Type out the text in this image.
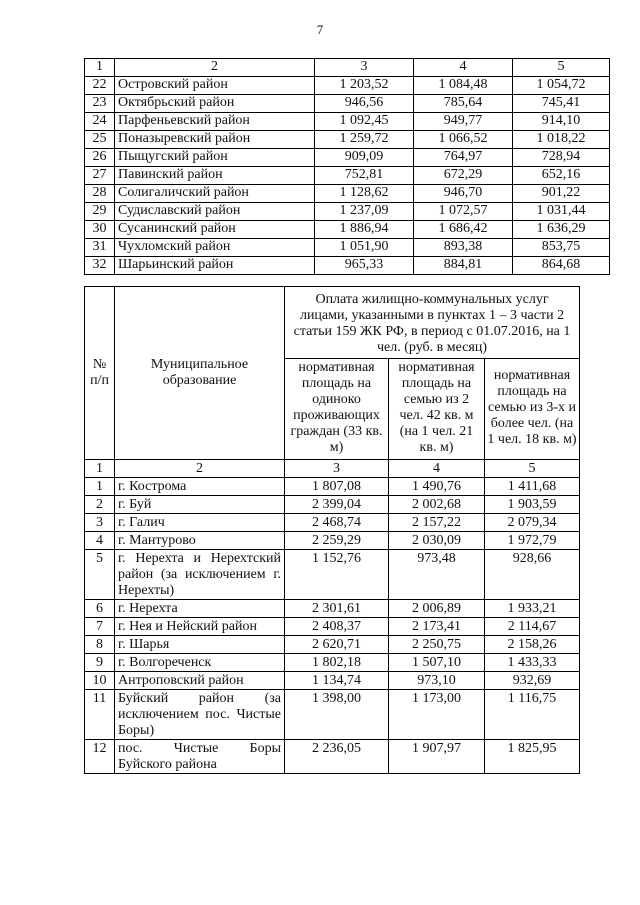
7
1	2	3	4	5
22	Островский район	1 203,52	1 084,48	1 054,72
23	Октябрьский район	946,56	785,64	745,41
24	Парфеньевский район	1 092,45	949,77	914,10
25	Поназыревский район	1 259,72	1 066,52	1 018,22
26	Пыщугский район	909,09	764,97	728,94
27	Павинский район	752,81	672,29	652,16
28	Солигаличский район	1 128,62	946,70	901,22
29	Судиславский район	1 237,09	1 072,57	1 031,44
30	Сусанинский район	1 886,94	1 686,42	1 636,29
31	Чухломский район	1 051,90	893,38	853,75
32	Шарьинский район	965,33	884,81	864,68
№ п/п	Муниципальное образование	Оплата жилищно-коммунальных услуг лицами, указанными в пунктах 1 – 3 части 2 статьи 159 ЖК РФ, в период с 01.07.2016, на 1 чел. (руб. в месяц)		
		нормативная площадь на одиноко проживающих граждан (33 кв. м)	нормативная площадь на семью из 2 чел. 42 кв. м (на 1 чел. 21 кв. м)	нормативная площадь на семью из 3-х и более чел. (на 1 чел. 18 кв. м)
1	2	3	4	5
1	г. Кострома	1 807,08	1 490,76	1 411,68
2	г. Буй	2 399,04	2 002,68	1 903,59
3	г. Галич	2 468,74	2 157,22	2 079,34
4	г. Мантурово	2 259,29	2 030,09	1 972,79
5	г. Нерехта и Нерехтский район (за исключением г. Нерехты)	1 152,76	973,48	928,66
6	г. Нерехта	2 301,61	2 006,89	1 933,21
7	г. Нея и Нейский район	2 408,37	2 173,41	2 114,67
8	г. Шарья	2 620,71	2 250,75	2 158,26
9	г. Волгореченск	1 802,18	1 507,10	1 433,33
10	Антроповский район	1 134,74	973,10	932,69
11	Буйский район (за исключением пос. Чистые Боры)	1 398,00	1 173,00	1 116,75
12	пос. Чистые Боры Буйского района	2 236,05	1 907,97	1 825,95
